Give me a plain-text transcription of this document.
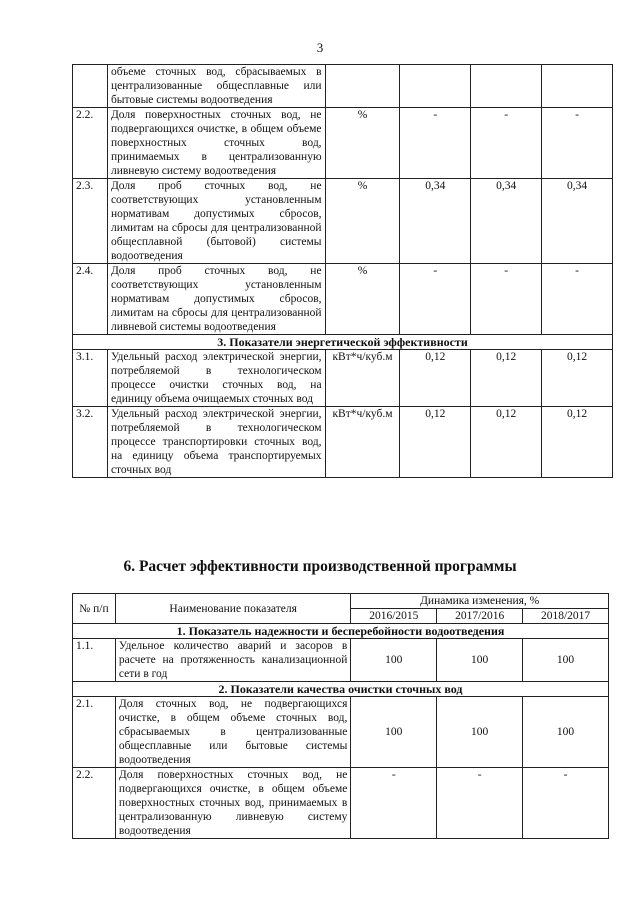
3
	объеме сточных вод, сбрасываемых в централизованные общесплавные или бытовые системы водоотведения				
2.2.	Доля поверхностных сточных вод, не подвергающихся очистке, в общем объеме поверхностных сточных вод, принимаемых в централизованную ливневую систему водоотведения	%	-	-	-
2.3.	Доля проб сточных вод, не соответствующих установленным нормативам допустимых сбросов, лимитам на сбросы для централизованной общесплавной (бытовой) системы водоотведения	%	0,34	0,34	0,34
2.4.	Доля проб сточных вод, не соответствующих установленным нормативам допустимых сбросов, лимитам на сбросы для централизованной ливневой системы водоотведения	%	-	-	-
3. Показатели энергетической эффективности					
3.1.	Удельный расход электрической энергии, потребляемой в технологическом процессе очистки сточных вод, на единицу объема очищаемых сточных вод	кВт*ч/куб.м	0,12	0,12	0,12
3.2.	Удельный расход электрической энергии, потребляемой в технологическом процессе транспортировки сточных вод, на единицу объема транспортируемых сточных вод	кВт*ч/куб.м	0,12	0,12	0,12
6. Расчет эффективности производственной программы
№ п/п	Наименование показателя	Динамика изменения, %		
		2016/2015	2017/2016	2018/2017
1. Показатель надежности и бесперебойности водоотведения				
1.1.	Удельное количество аварий и засоров в расчете на протяженность канализационной сети в год	100	100	100
2. Показатели качества очистки сточных вод				
2.1.	Доля сточных вод, не подвергающихся очистке, в общем объеме сточных вод, сбрасываемых в централизованные общесплавные или бытовые системы водоотведения	100	100	100
2.2.	Доля поверхностных сточных вод, не подвергающихся очистке, в общем объеме поверхностных сточных вод, принимаемых в централизованную ливневую систему водоотведения	-	-	-
